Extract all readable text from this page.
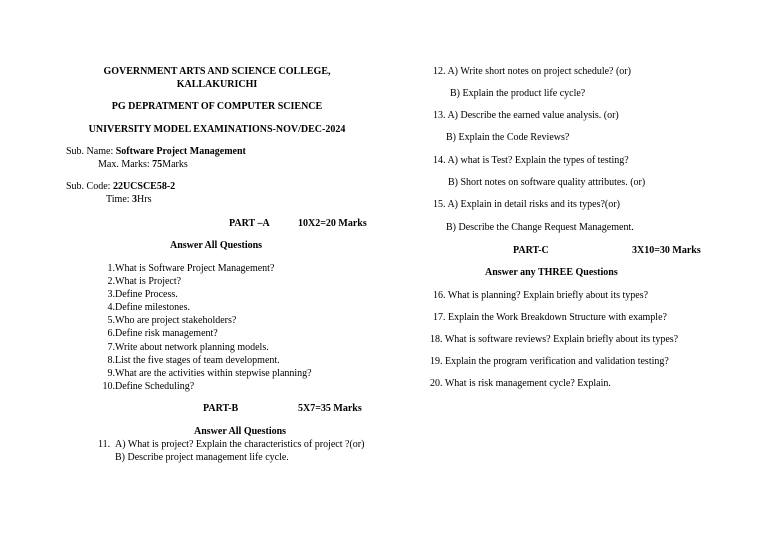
GOVERNMENT ARTS AND SCIENCE COLLEGE,
KALLAKURICHI
PG DEPRATMENT OF COMPUTER SCIENCE
UNIVERSITY MODEL EXAMINATIONS-NOV/DEC-2024
Sub. Name: Software Project Management
Max. Marks: 75Marks
Sub. Code: 22UCSCE58-2
Time: 3Hrs
PART –A	10X2=20 Marks
Answer All Questions
1. What is Software Project Management?
2. What is Project?
3. Define Process.
4. Define milestones.
5. Who are project stakeholders?
6. Define risk management?
7. Write about network planning models.
8. List the five stages of team development.
9. What are the activities within stepwise planning?
10. Define Scheduling?
PART-B	5X7=35 Marks
Answer All Questions
11. A) What is project? Explain the characteristics of project ?(or)
B) Describe project management life cycle.
12. A) Write short notes on project schedule? (or)
B) Explain the product life cycle?
13. A) Describe the earned value analysis. (or)
B) Explain the Code Reviews?
14. A) what is Test? Explain the types of testing?
B) Short notes on software quality attributes. (or)
15. A) Explain in detail risks and its types?(or)
B) Describe the Change Request Management.
PART-C	3X10=30 Marks
Answer any THREE Questions
16. What is planning? Explain briefly about its types?
17. Explain the Work Breakdown Structure with example?
18. What is software reviews? Explain briefly about its types?
19. Explain the program verification and validation testing?
20. What is risk management cycle? Explain.
